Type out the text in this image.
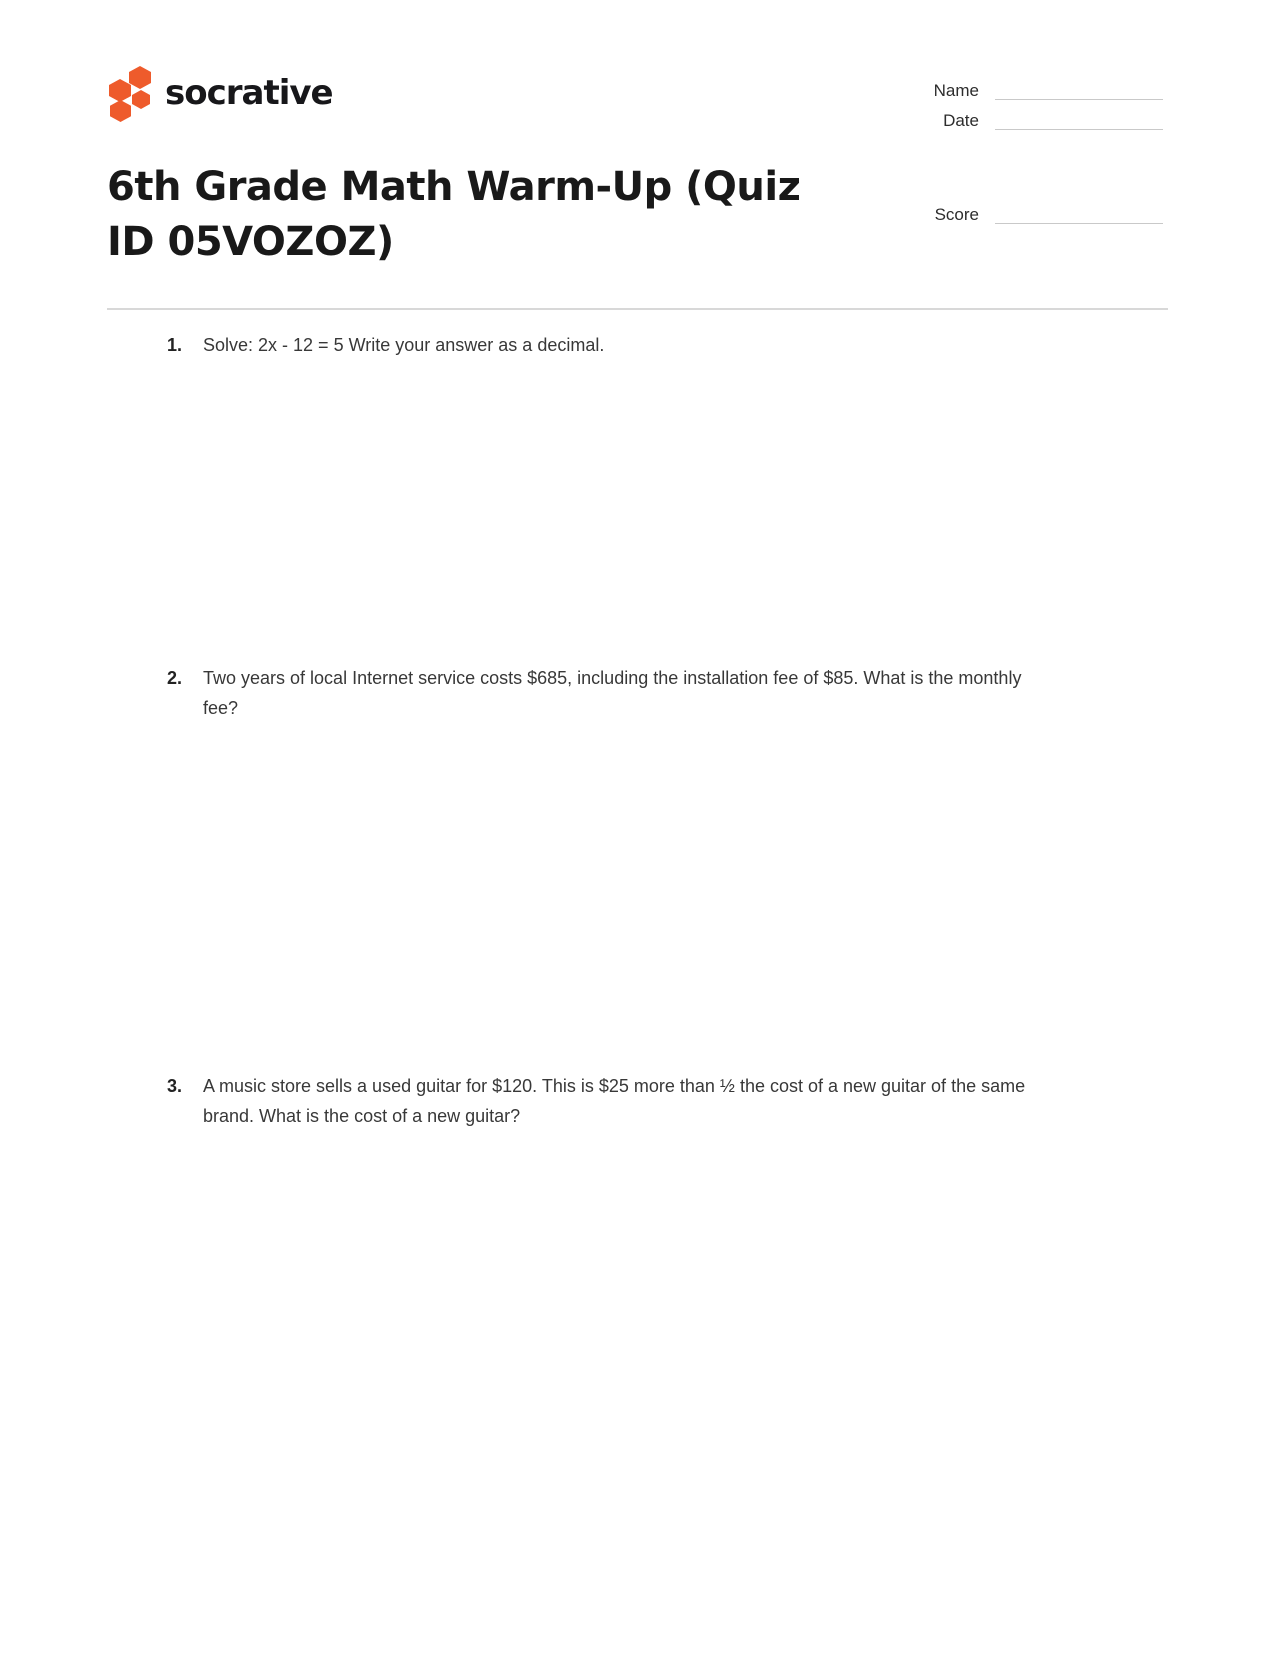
socrative	Name
Date
6th Grade Math Warm-Up (Quiz ID 05VOZOZ)
Score
1.	Solve: 2x - 12 = 5 Write your answer as a decimal.

2.	Two years of local Internet service costs $685, including the installation fee of $85. What is the monthly fee?

3.	A music store sells a used guitar for $120. This is $25 more than ½ the cost of a new guitar of the same brand. What is the cost of a new guitar?
